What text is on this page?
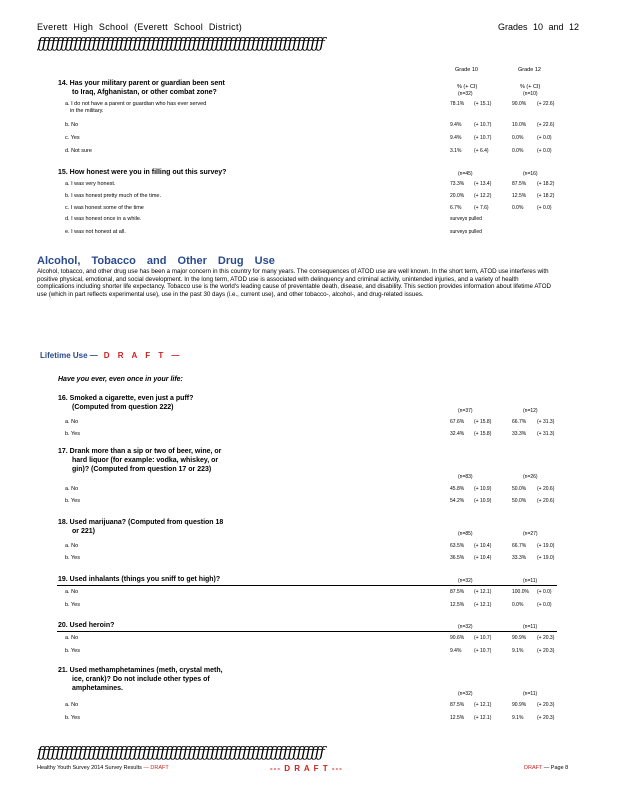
Everett High School (Everett School District)	Grades 10 and 12
ƒƒƒƒƒƒƒƒƒƒƒƒƒƒƒƒƒƒƒƒƒƒƒƒƒƒƒƒƒƒƒƒƒƒƒƒƒƒƒƒƒƒƒƒƒƒƒƒƒƒƒƒƒƒƒƒƒƒƒƒƒƒƒ
Grade 10	Grade 12
% (+ CI)	% (+ CI)
14. Has your military parent or guardian been sent
to Iraq, Afghanistan, or other combat zone?	(n=32)	(n=10)
a. I do not have a parent or guardian who has ever served	78.1% (+ 15.1)	90.0% (+ 22.6)
in the military.
b. No	9.4%	(+ 10.7)	10.0% (+ 22.6)
c. Yes	9.4%	(+ 10.7)	0.0%	(+ 0.0)
d. Not sure	3.1%	(+ 6.4)	0.0%	(+ 0.0)
15. How honest were you in filling out this survey?	(n=45)	(n=16)
a. I was very honest.	73.3% (+ 13.4)	87.5% (+ 18.2)
b. I was honest pretty much of the time.	20.0% (+ 12.2)	12.5% (+ 18.2)
c. I was honest some of the time	6.7%	(+ 7.6)	0.0%	(+ 0.0)
d. I was honest once in a while.	surveys pulled
e. I was not honest at all.	surveys pulled
Alcohol, Tobacco and Other Drug Use
Alcohol, tobacco, and other drug use has been a major concern in this country for many years. The consequences of ATOD use are well known. In the short term, ATOD use interferes with positive physical, emotional, and social development. In the long term, ATOD use is associated with delinquency and criminal activity, unintended injuries, and a variety of health complications including shorter life expectancy. Tobacco use is the world's leading cause of preventable death, disease, and disability. This section provides information about lifetime ATOD use (which in part reflects experimental use), use in the past 30 days (i.e., current use), and other tobacco-, alcohol-, and drug-related issues.
Lifetime Use — D R A F T —
Have you ever, even once in your life:
16. Smoked a cigarette, even just a puff?
(Computed from question 222)	(n=37)	(n=12)
a. No	67.6% (+ 15.8)	66.7% (+ 31.3)
b. Yes	32.4% (+ 15.8)	33.3% (+ 31.3)
17. Drank more than a sip or two of beer, wine, or
hard liquor (for example: vodka, whiskey, or
gin)? (Computed from question 17 or 223)
(n=83)	(n=26)
a. No	45.8% (+ 10.9)	50.0% (+ 20.6)
b. Yes	54.2% (+ 10.9)	50.0% (+ 20.6)
18. Used marijuana? (Computed from question 18
or 221)	(n=85)	(n=27)
a. No	63.5% (+ 10.4)	66.7% (+ 19.0)
b. Yes	36.5% (+ 10.4)	33.3% (+ 19.0)
19. Used inhalants (things you sniff to get high)?	(n=32)	(n=11)
a. No	87.5% (+ 12.1)	100.0% (+ 0.0)
b. Yes	12.5% (+ 12.1)	0.0%	(+ 0.0)
20. Used heroin?	(n=32)	(n=11)
a. No	90.6% (+ 10.7)	90.9% (+ 20.3)
b. Yes	9.4%	(+ 10.7)	9.1%	(+ 20.3)
21. Used methamphetamines (meth, crystal meth,
ice, crank)? Do not include other types of
amphetamines.
(n=32)	(n=11)
a. No	87.5% (+ 12.1)	90.9% (+ 20.3)
b. Yes	12.5% (+ 12.1)	9.1%	(+ 20.3)
ƒƒƒƒƒƒƒƒƒƒƒƒƒƒƒƒƒƒƒƒƒƒƒƒƒƒƒƒƒƒƒƒƒƒƒƒƒƒƒƒƒƒƒƒƒƒƒƒƒƒƒƒƒƒƒƒƒƒƒƒƒƒƒ
Healthy Youth Survey 2014 Survey Results — DRAFT	--- D R A F T ---	DRAFT — Page 8
